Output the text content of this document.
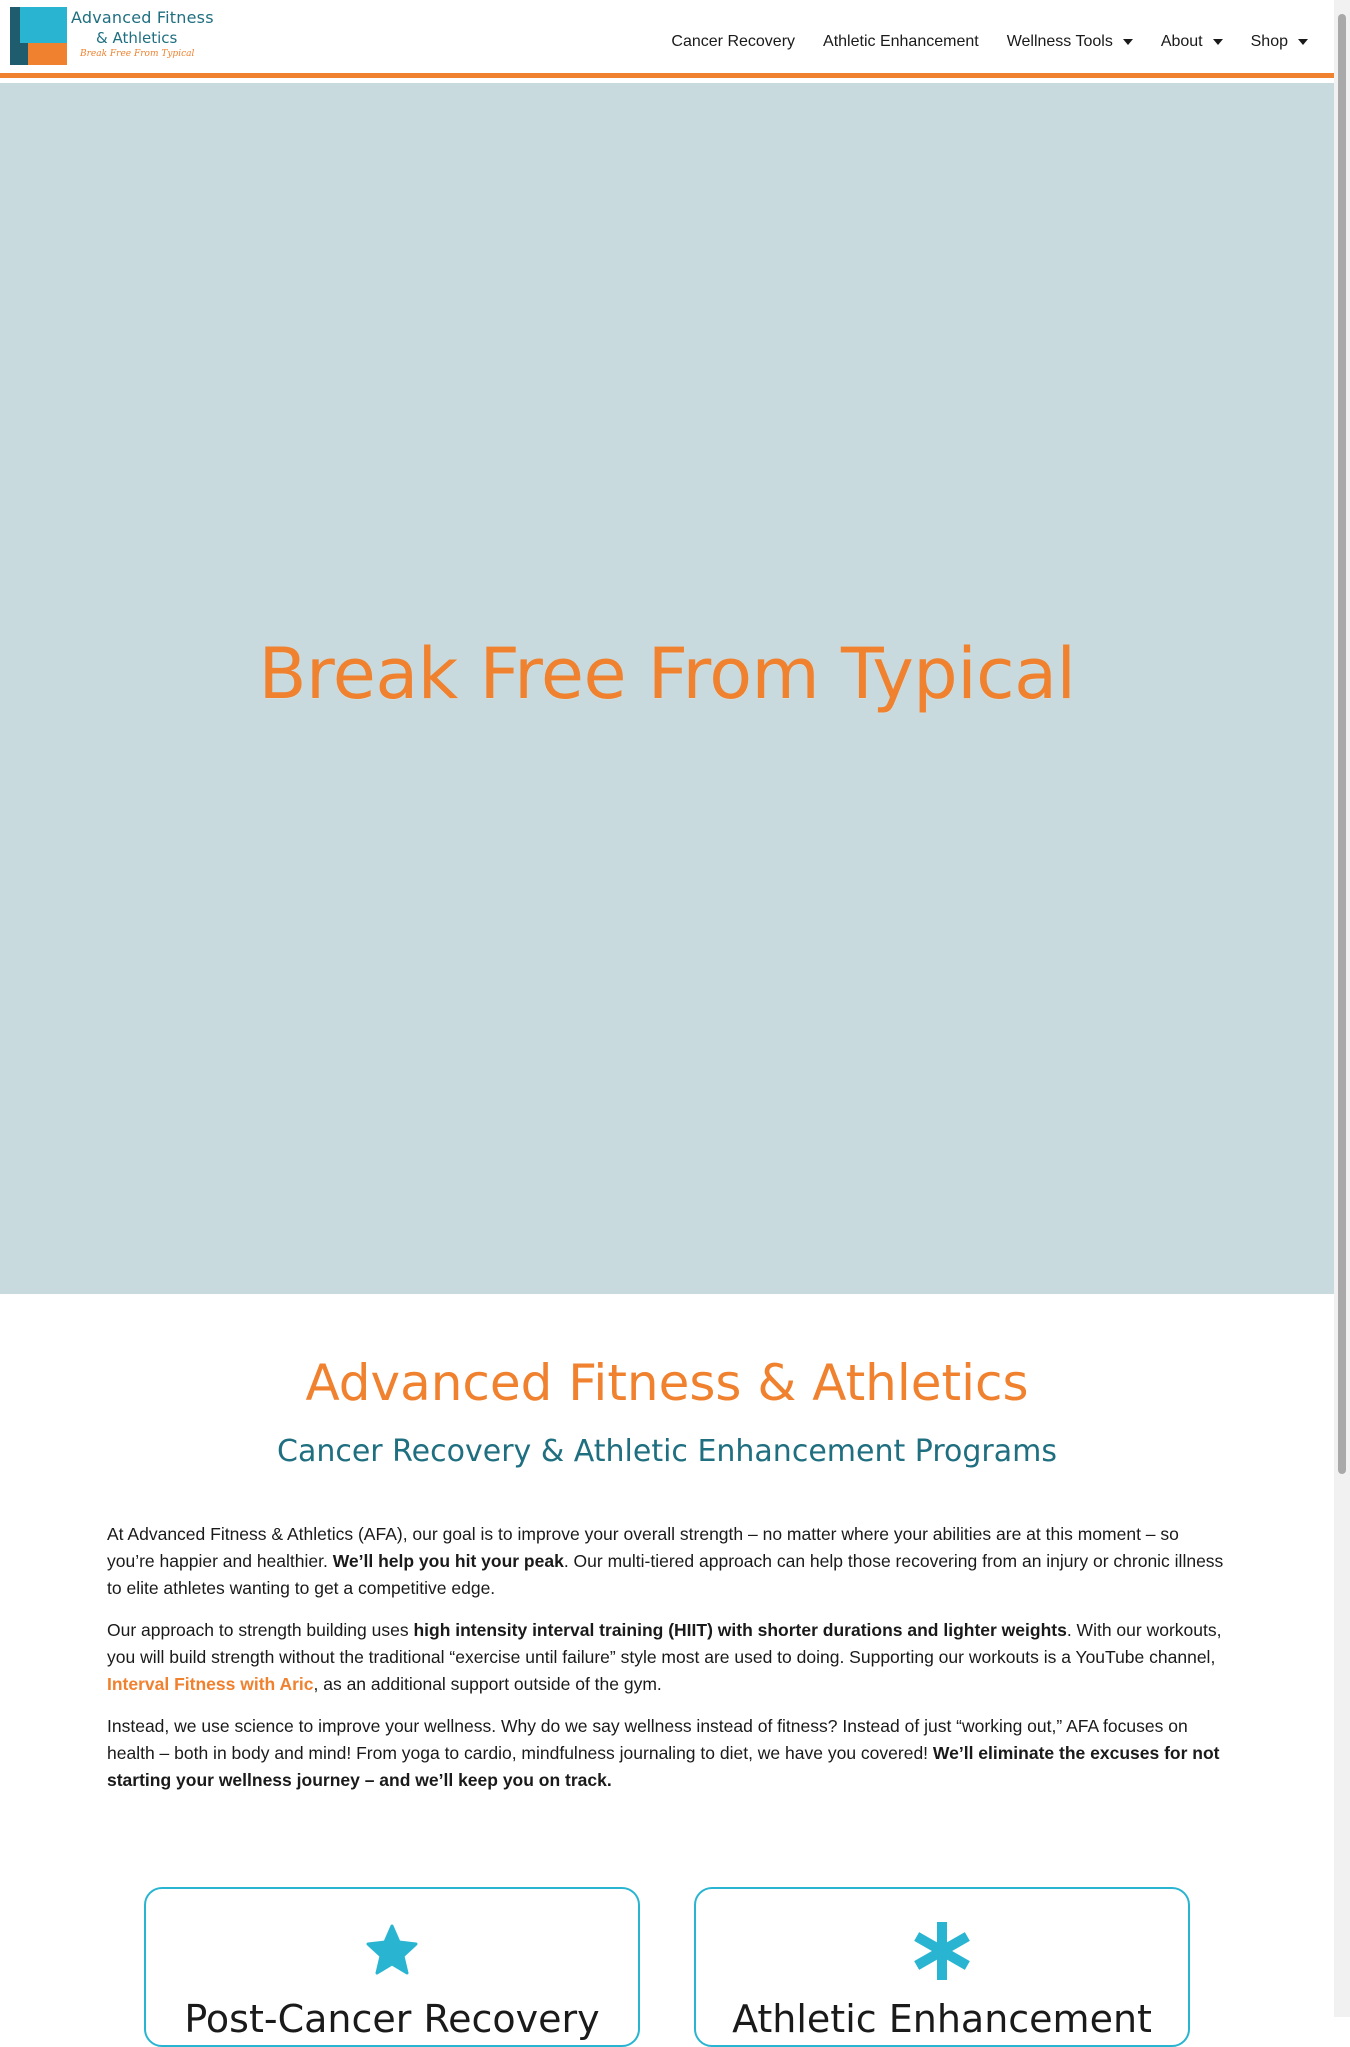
Advanced Fitness
& Athletics
Break Free From Typical
Cancer Recovery Athletic Enhancement Wellness Tools	About	Shop
Break Free From Typical
Advanced Fitness & Athletics
Cancer Recovery & Athletic Enhancement Programs

At Advanced Fitness & Athletics (AFA), our goal is to improve your overall strength – no matter where your abilities are at this moment – so you’re happier and healthier. We’ll help you hit your peak. Our multi-tiered approach can help those recovering from an injury or chronic illness to elite athletes wanting to get a competitive edge.

Our approach to strength building uses high intensity interval training (HIIT) with shorter durations and lighter weights. With our workouts, you will build strength without the traditional “exercise until failure” style most are used to doing. Supporting our workouts is a YouTube channel, Interval Fitness with Aric, as an additional support outside of the gym.

Instead, we use science to improve your wellness. Why do we say wellness instead of fitness? Instead of just “working out,” AFA focuses on health – both in body and mind! From yoga to cardio, mindfulness journaling to diet, we have you covered! We’ll eliminate the excuses for not starting your wellness journey – and we’ll keep you on track.

Post-Cancer Recovery	Athletic Enhancement
